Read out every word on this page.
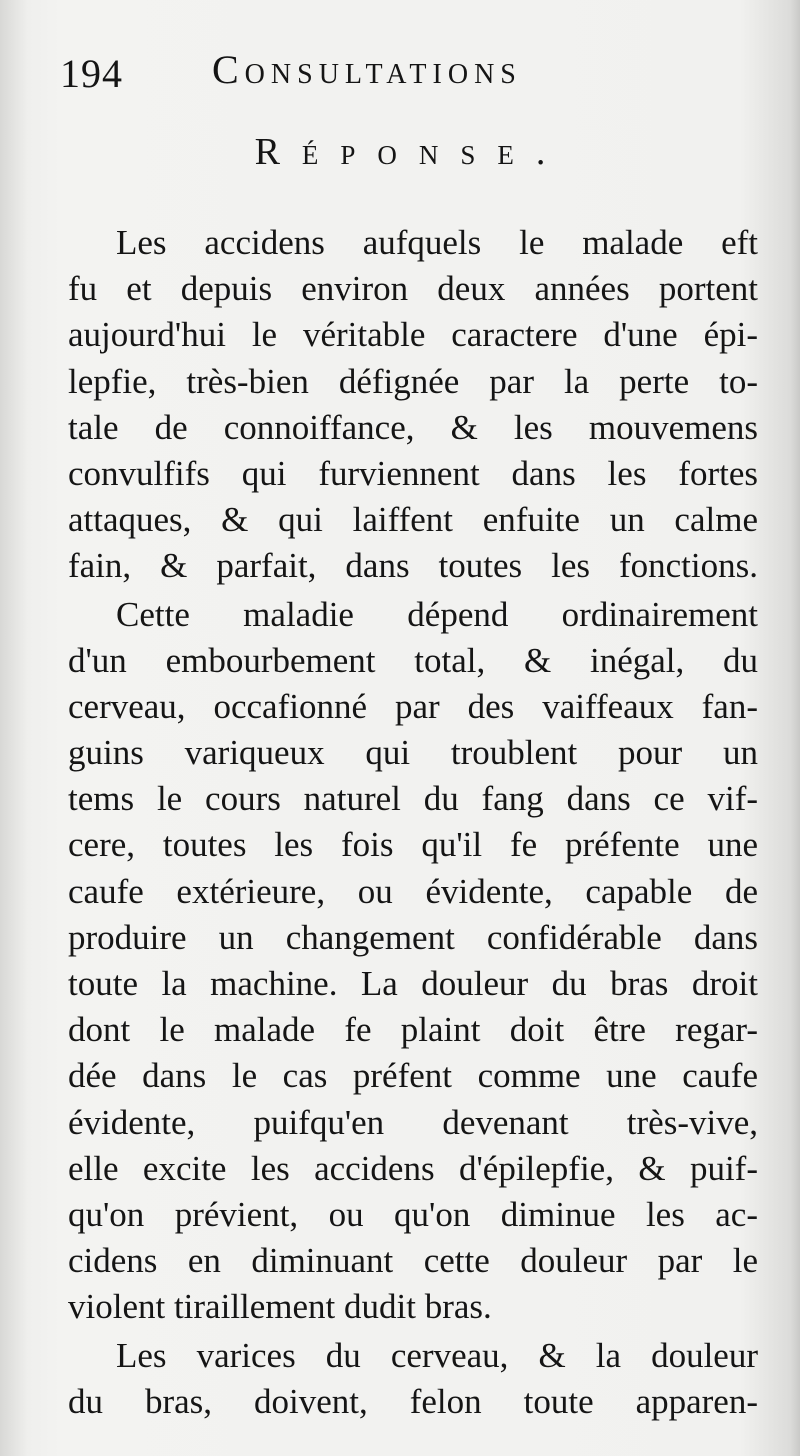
194 Consultations
Réponse.
Les accidens aufquels le malade eft
fu et depuis environ deux années portent
aujourd'hui le véritable caractere d'une épi-
lepfie, très-bien défignée par la perte to-
tale de connoiffance, & les mouvemens
convulfifs qui furviennent dans les fortes
attaques, & qui laiffent enfuite un calme
fain, & parfait, dans toutes les fonctions.
Cette maladie dépend ordinairement
d'un embourbement total, & inégal, du
cerveau, occafionné par des vaiffeaux fan-
guins variqueux qui troublent pour un
tems le cours naturel du fang dans ce vif-
cere, toutes les fois qu'il fe préfente une
caufe extérieure, ou évidente, capable de
produire un changement confidérable dans
toute la machine. La douleur du bras droit
dont le malade fe plaint doit être regar-
dée dans le cas préfent comme une caufe
évidente, puifqu'en devenant très-vive,
elle excite les accidens d'épilepfie, & puif-
qu'on prévient, ou qu'on diminue les ac-
cidens en diminuant cette douleur par le
violent tiraillement dudit bras.
Les varices du cerveau, & la douleur
du bras, doivent, felon toute apparen-
